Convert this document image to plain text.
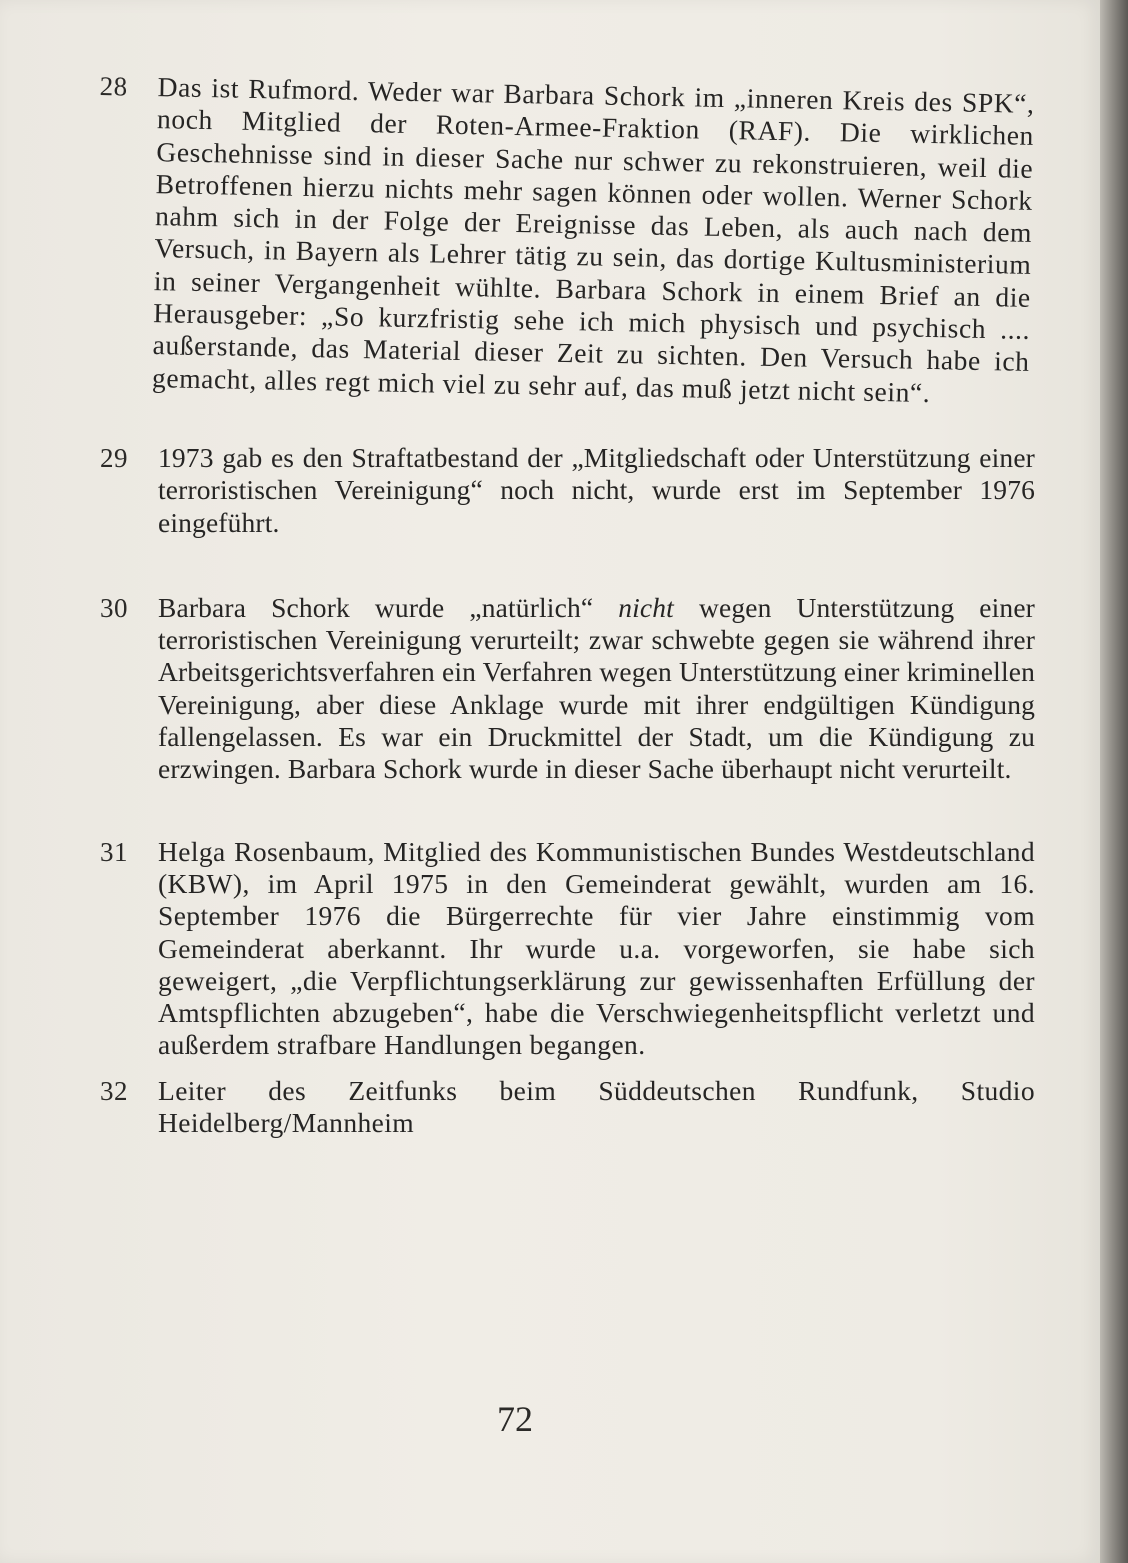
28	Das ist Rufmord. Weder war Barbara Schork im „inneren Kreis des SPK“, noch Mitglied der Roten-Armee-Fraktion (RAF). Die wirklichen Geschehnisse sind in dieser Sache nur schwer zu rekonstruieren, weil die Betroffenen hierzu nichts mehr sagen können oder wollen. Werner Schork nahm sich in der Folge der Ereignisse das Leben, als auch nach dem Versuch, in Bayern als Lehrer tätig zu sein, das dortige Kultusministerium in seiner Vergangenheit wühlte. Barbara Schork in einem Brief an die Herausgeber: „So kurzfristig sehe ich mich physisch und psychisch .... außerstande, das Material dieser Zeit zu sichten. Den Versuch habe ich gemacht, alles regt mich viel zu sehr auf, das muß jetzt nicht sein“.
29	1973 gab es den Straftatbestand der „Mitgliedschaft oder Unterstützung einer terroristischen Vereinigung“ noch nicht, wurde erst im September 1976 eingeführt.
30	Barbara Schork wurde „natürlich“ nicht wegen Unterstützung einer terroristischen Vereinigung verurteilt; zwar schwebte gegen sie während ihrer Arbeitsgerichtsverfahren ein Verfahren wegen Unterstützung einer kriminellen Vereinigung, aber diese Anklage wurde mit ihrer endgültigen Kündigung fallengelassen. Es war ein Druckmittel der Stadt, um die Kündigung zu erzwingen. Barbara Schork wurde in dieser Sache überhaupt nicht verurteilt.
31	Helga Rosenbaum, Mitglied des Kommunistischen Bundes Westdeutschland (KBW), im April 1975 in den Gemeinderat gewählt, wurden am 16. September 1976 die Bürgerrechte für vier Jahre einstimmig vom Gemeinderat aberkannt. Ihr wurde u.a. vorgeworfen, sie habe sich geweigert, „die Verpflichtungserklärung zur gewissenhaften Erfüllung der Amtspflichten abzugeben“, habe die Verschwiegenheitspflicht verletzt und außerdem strafbare Handlungen begangen.
32	Leiter des Zeitfunks beim Süddeutschen Rundfunk, Studio Heidelberg/Mannheim
72
